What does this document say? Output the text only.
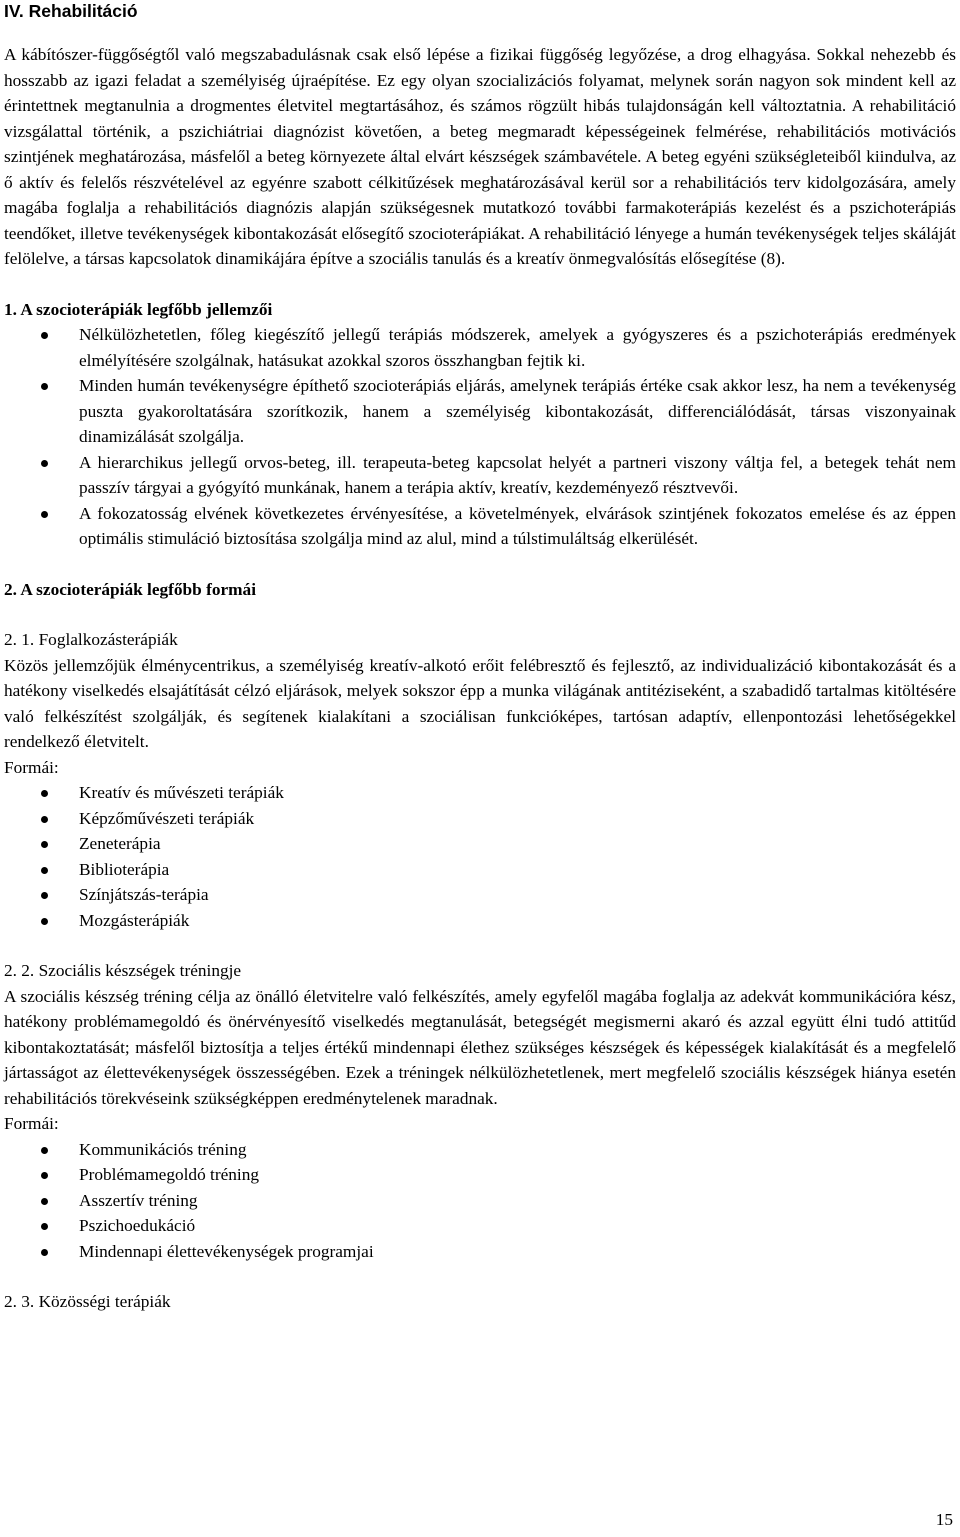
IV. Rehabilitáció

A kábítószer-függőségtől való megszabadulásnak csak első lépése a fizikai függőség legyőzése, a drog elhagyása. Sokkal nehezebb és hosszabb az igazi feladat a személyiség újraépítése. Ez egy olyan szocializációs folyamat, melynek során nagyon sok mindent kell az érintettnek megtanulnia a drogmentes életvitel megtartásához, és számos rögzült hibás tulajdonságán kell változtatnia. A rehabilitáció vizsgálattal történik, a pszichiátriai diagnózist követően, a beteg megmaradt képességeinek felmérése, rehabilitációs motivációs szintjének meghatározása, másfelől a beteg környezete által elvárt készségek számbavétele. A beteg egyéni szükségleteiből kiindulva, az ő aktív és felelős részvételével az egyénre szabott célkitűzések meghatározásával kerül sor a rehabilitációs terv kidolgozására, amely magába foglalja a rehabilitációs diagnózis alapján szükségesnek mutatkozó további farmakoterápiás kezelést és a pszichoterápiás teendőket, illetve tevékenységek kibontakozását elősegítő szocioterápiákat. A rehabilitáció lényege a humán tevékenységek teljes skáláját felölelve, a társas kapcsolatok dinamikájára építve a szociális tanulás és a kreatív önmegvalósítás elősegítése (8).

1. A szocioterápiák legfőbb jellemzői

Nélkülözhetetlen, főleg kiegészítő jellegű terápiás módszerek, amelyek a gyógyszeres és a pszichoterápiás eredmények elmélyítésére szolgálnak, hatásukat azokkal szoros összhangban fejtik ki.
Minden humán tevékenységre építhető szocioterápiás eljárás, amelynek terápiás értéke csak akkor lesz, ha nem a tevékenység puszta gyakoroltatására szorítkozik, hanem a személyiség kibontakozását, differenciálódását, társas viszonyainak dinamizálását szolgálja.
A hierarchikus jellegű orvos-beteg, ill. terapeuta-beteg kapcsolat helyét a partneri viszony váltja fel, a betegek tehát nem passzív tárgyai a gyógyító munkának, hanem a terápia aktív, kreatív, kezdeményező résztvevői.
A fokozatosság elvének következetes érvényesítése, a követelmények, elvárások szintjének fokozatos emelése és az éppen optimális stimuláció biztosítása szolgálja mind az alul, mind a túlstimuláltság elkerülését.

2. A szocioterápiák legfőbb formái

2. 1. Foglalkozásterápiák

Közös jellemzőjük élménycentrikus, a személyiség kreatív-alkotó erőit felébresztő és fejlesztő, az individualizáció kibontakozását és a hatékony viselkedés elsajátítását célzó eljárások, melyek sokszor épp a munka világának antitéziseként, a szabadidő tartalmas kitöltésére való felkészítést szolgálják, és segítenek kialakítani a szociálisan funkcióképes, tartósan adaptív, ellenpontozási lehetőségekkel rendelkező életvitelt.

Formái:

Kreatív és művészeti terápiák
Képzőművészeti terápiák
Zeneterápia
Biblioterápia
Színjátszás-terápia
Mozgásterápiák

2. 2. Szociális készségek tréningje

A szociális készség tréning célja az önálló életvitelre való felkészítés, amely egyfelől magába foglalja az adekvát kommunikációra kész, hatékony problémamegoldó és önérvényesítő viselkedés megtanulását, betegségét megismerni akaró és azzal együtt élni tudó attitűd kibontakoztatását; másfelől biztosítja a teljes értékű mindennapi élethez szükséges készségek és képességek kialakítását és a megfelelő jártasságot az élettevékenységek összességében. Ezek a tréningek nélkülözhetetlenek, mert megfelelő szociális készségek hiánya esetén rehabilitációs törekvéseink szükségképpen eredménytelenek maradnak.

Formái:

Kommunikációs tréning
Problémamegoldó tréning
Asszertív tréning
Pszichoedukáció
Mindennapi élettevékenységek programjai

2. 3. Közösségi terápiák

15
